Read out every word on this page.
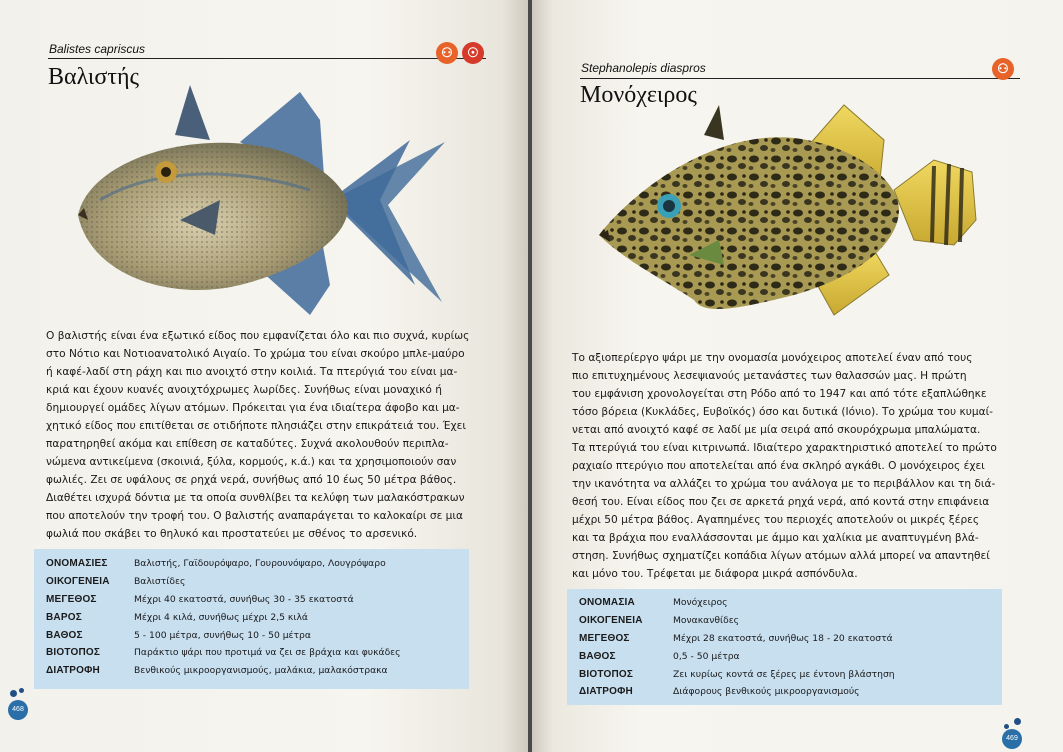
Balistes capriscus
Βαλιστής
⚇	☉
Ο βαλιστής είναι ένα εξωτικό είδος που εμφανίζεται όλο και πιο συχνά, κυρίως
στο Νότιο και Νοτιοανατολικό Αιγαίο. Το χρώμα του είναι σκούρο μπλε-μαύρο
ή καφέ-λαδί στη ράχη και πιο ανοιχτό στην κοιλιά. Τα πτερύγιά του είναι μα-
κριά και έχουν κυανές ανοιχτόχρωμες λωρίδες. Συνήθως είναι μοναχικό ή
δημιουργεί ομάδες λίγων ατόμων. Πρόκειται για ένα ιδιαίτερα άφοβο και μα-
χητικό είδος που επιτίθεται σε οτιδήποτε πλησιάζει στην επικράτειά του. Έχει
παρατηρηθεί ακόμα και επίθεση σε καταδύτες. Συχνά ακολουθούν περιπλα-
νώμενα αντικείμενα (σκοινιά, ξύλα, κορμούς, κ.ά.) και τα χρησιμοποιούν σαν
φωλιές. Ζει σε υφάλους σε ρηχά νερά, συνήθως από 10 έως 50 μέτρα βάθος.
Διαθέτει ισχυρά δόντια με τα οποία συνθλίβει τα κελύφη των μαλακόστρακων
που αποτελούν την τροφή του. Ο βαλιστής αναπαράγεται το καλοκαίρι σε μια
φωλιά που σκάβει το θηλυκό και προστατεύει με σθένος το αρσενικό.
ΟΝΟΜΑΣΙΕΣ	Βαλιστής, Γαϊδουρόψαρο, Γουρουνόψαρο, Λουγρόψαρο
ΟΙΚΟΓΕΝΕΙΑ	Βαλιστίδες
ΜΕΓΕΘΟΣ	Μέχρι 40 εκατοστά, συνήθως 30 - 35 εκατοστά
ΒΑΡΟΣ	Μέχρι 4 κιλά, συνήθως μέχρι 2,5 κιλά
ΒΑΘΟΣ	5 - 100 μέτρα, συνήθως 10 - 50 μέτρα
ΒΙΟΤΟΠΟΣ	Παράκτιο ψάρι που προτιμά να ζει σε βράχια και φυκάδες
ΔΙΑΤΡΟΦΗ	Βενθικούς μικροοργανισμούς, μαλάκια, μαλακόστρακα
468
Stephanolepis diaspros
Μονόχειρος
⚇
Το αξιοπερίεργο ψάρι με την ονομασία μονόχειρος αποτελεί έναν από τους
πιο επιτυχημένους λεσεψιανούς μετανάστες των θαλασσών μας. Η πρώτη
του εμφάνιση χρονολογείται στη Ρόδο από το 1947 και από τότε εξαπλώθηκε
τόσο βόρεια (Κυκλάδες, Ευβοϊκός) όσο και δυτικά (Ιόνιο). Το χρώμα του κυμαί-
νεται από ανοιχτό καφέ σε λαδί με μία σειρά από σκουρόχρωμα μπαλώματα.
Τα πτερύγιά του είναι κιτρινωπά. Ιδιαίτερο χαρακτηριστικό αποτελεί το πρώτο
ραχιαίο πτερύγιο που αποτελείται από ένα σκληρό αγκάθι. Ο μονόχειρος έχει
την ικανότητα να αλλάζει το χρώμα του ανάλογα με το περιβάλλον και τη διά-
θεσή του. Είναι είδος που ζει σε αρκετά ρηχά νερά, από κοντά στην επιφάνεια
μέχρι 50 μέτρα βάθος. Αγαπημένες του περιοχές αποτελούν οι μικρές ξέρες
και τα βράχια που εναλλάσσονται με άμμο και χαλίκια με αναπτυγμένη βλά-
στηση. Συνήθως σχηματίζει κοπάδια λίγων ατόμων αλλά μπορεί να απαντηθεί
και μόνο του. Τρέφεται με διάφορα μικρά ασπόνδυλα.
ΟΝΟΜΑΣΙΑ	Μονόχειρος
ΟΙΚΟΓΕΝΕΙΑ	Μονακανθίδες
ΜΕΓΕΘΟΣ	Μέχρι 28 εκατοστά, συνήθως 18 - 20 εκατοστά
ΒΑΘΟΣ	0,5 - 50 μέτρα
ΒΙΟΤΟΠΟΣ	Ζει κυρίως κοντά σε ξέρες με έντονη βλάστηση
ΔΙΑΤΡΟΦΗ	Διάφορους βενθικούς μικροοργανισμούς
469
